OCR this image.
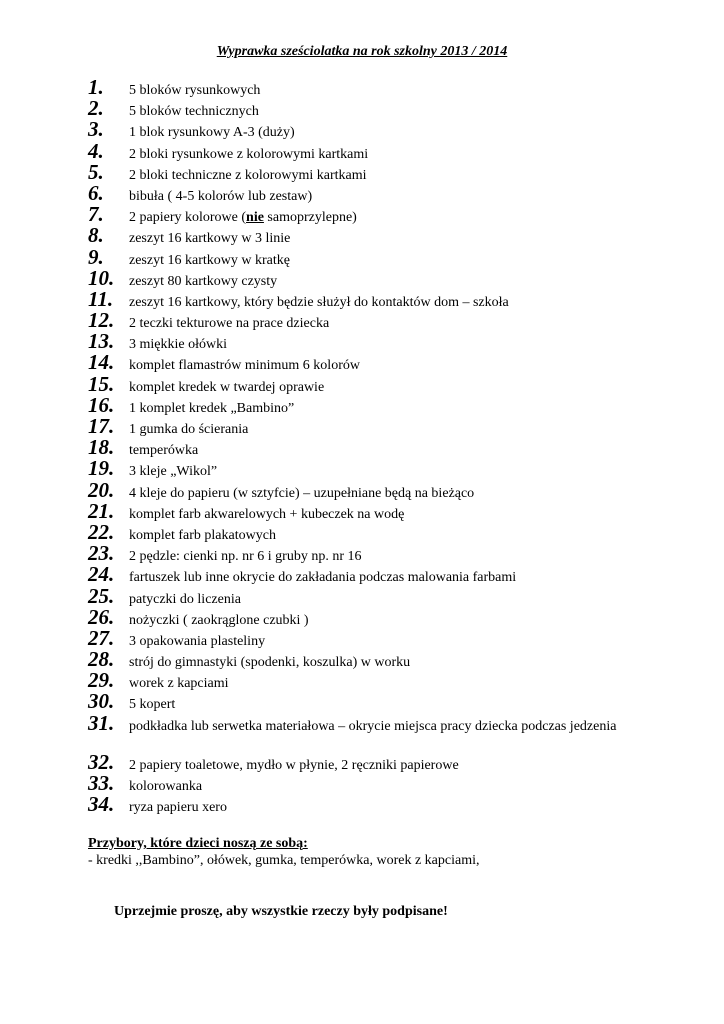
Wyprawka sześciolatka na rok szkolny 2013 / 2014
1.	5 bloków rysunkowych
2.	5 bloków technicznych
3.	1 blok rysunkowy A-3 (duży)
4.	2 bloki rysunkowe z kolorowymi kartkami
5.	2 bloki techniczne z kolorowymi kartkami
6.	bibuła ( 4-5 kolorów lub zestaw)
7.	2 papiery kolorowe (nie samoprzylepne)
8.	zeszyt 16 kartkowy w 3 linie
9.	zeszyt 16 kartkowy w kratkę
10.	zeszyt 80 kartkowy czysty
11.	zeszyt 16 kartkowy, który będzie służył do kontaktów dom – szkoła
12.	2 teczki tekturowe na prace dziecka
13.	3 miękkie ołówki
14.	komplet flamastrów minimum 6 kolorów
15.	komplet kredek w twardej oprawie
16.	1 komplet kredek „Bambino”
17.	1 gumka do ścierania
18.	temperówka
19.	3 kleje „Wikol”
20.	4 kleje do papieru (w sztyfcie) – uzupełniane będą na bieżąco
21.	komplet farb akwarelowych + kubeczek na wodę
22.	komplet farb plakatowych
23.	2 pędzle: cienki np. nr 6 i gruby np. nr 16
24.	fartuszek lub inne okrycie do zakładania podczas malowania farbami
25.	patyczki do liczenia
26.	nożyczki ( zaokrąglone czubki )
27.	3 opakowania plasteliny
28.	strój do gimnastyki (spodenki, koszulka) w worku
29.	worek z kapciami
30.	5 kopert
31.	podkładka lub serwetka materiałowa – okrycie miejsca pracy dziecka podczas jedzenia
32.	2 papiery toaletowe, mydło w płynie, 2 ręczniki papierowe
33.	kolorowanka
34.	ryza papieru xero
Przybory, które dzieci noszą ze sobą:
- kredki ,,Bambino”, ołówek, gumka, temperówka, worek z kapciami,
Uprzejmie proszę, aby wszystkie rzeczy były podpisane!
